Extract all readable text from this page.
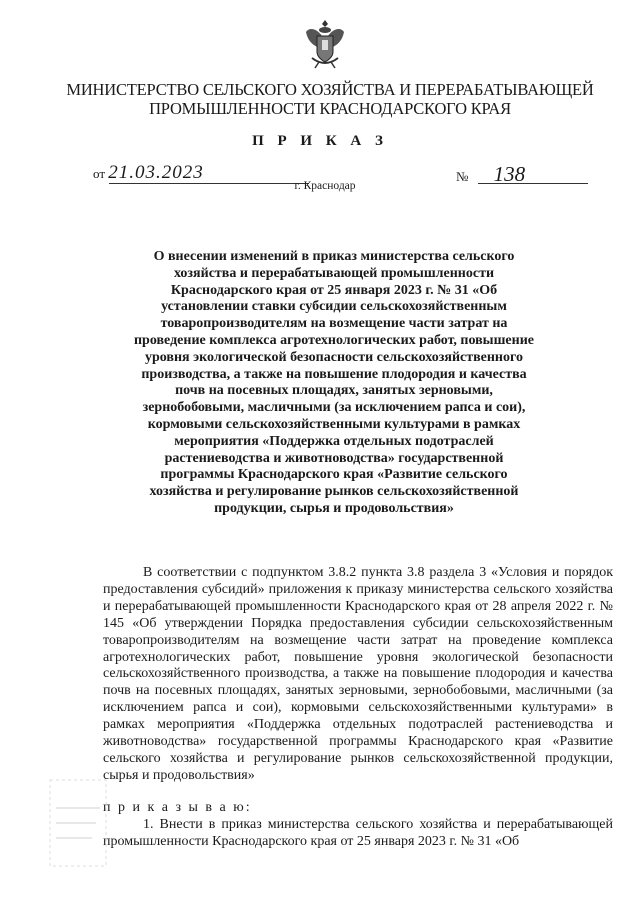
МИНИСТЕРСТВО СЕЛЬСКОГО ХОЗЯЙСТВА И ПЕРЕРАБАТЫВАЮЩЕЙ
ПРОМЫШЛЕННОСТИ КРАСНОДАРСКОГО КРАЯ
П Р И К А З
от 21.03.2023	№ 138
г. Краснодар
О внесении изменений в приказ министерства сельского хозяйства и перерабатывающей промышленности Краснодарского края от 25 января 2023 г. № 31 «Об установлении ставки субсидии сельскохозяйственным товаропроизводителям на возмещение части затрат на проведение комплекса агротехнологических работ, повышение уровня экологической безопасности сельскохозяйственного производства, а также на повышение плодородия и качества почв на посевных площадях, занятых зерновыми, зернобобовыми, масличными (за исключением рапса и сои), кормовыми сельскохозяйственными культурами в рамках мероприятия «Поддержка отдельных подотраслей растениеводства и животноводства» государственной программы Краснодарского края «Развитие сельского хозяйства и регулирование рынков сельскохозяйственной продукции, сырья и продовольствия»
В соответствии с подпунктом 3.8.2 пункта 3.8 раздела 3 «Условия и порядок предоставления субсидий» приложения к приказу министерства сельского хозяйства и перерабатывающей промышленности Краснодарского края от 28 апреля 2022 г. № 145 «Об утверждении Порядка предоставления субсидии сельскохозяйственным товаропроизводителям на возмещение части затрат на проведение комплекса агротехнологических работ, повышение уровня экологической безопасности сельскохозяйственного производства, а также на повышение плодородия и качества почв на посевных площадях, занятых зерновыми, зернобобовыми, масличными (за исключением рапса и сои), кормовыми сельскохозяйственными культурами» в рамках мероприятия «Поддержка отдельных подотраслей растениеводства и животноводства» государственной программы Краснодарского края «Развитие сельского хозяйства и регулирование рынков сельскохозяйственной продукции, сырья и продовольствия»
п р и к а з ы в а ю:
1. Внести в приказ министерства сельского хозяйства и перерабатывающей промышленности Краснодарского края от 25 января 2023 г. № 31 «Об
